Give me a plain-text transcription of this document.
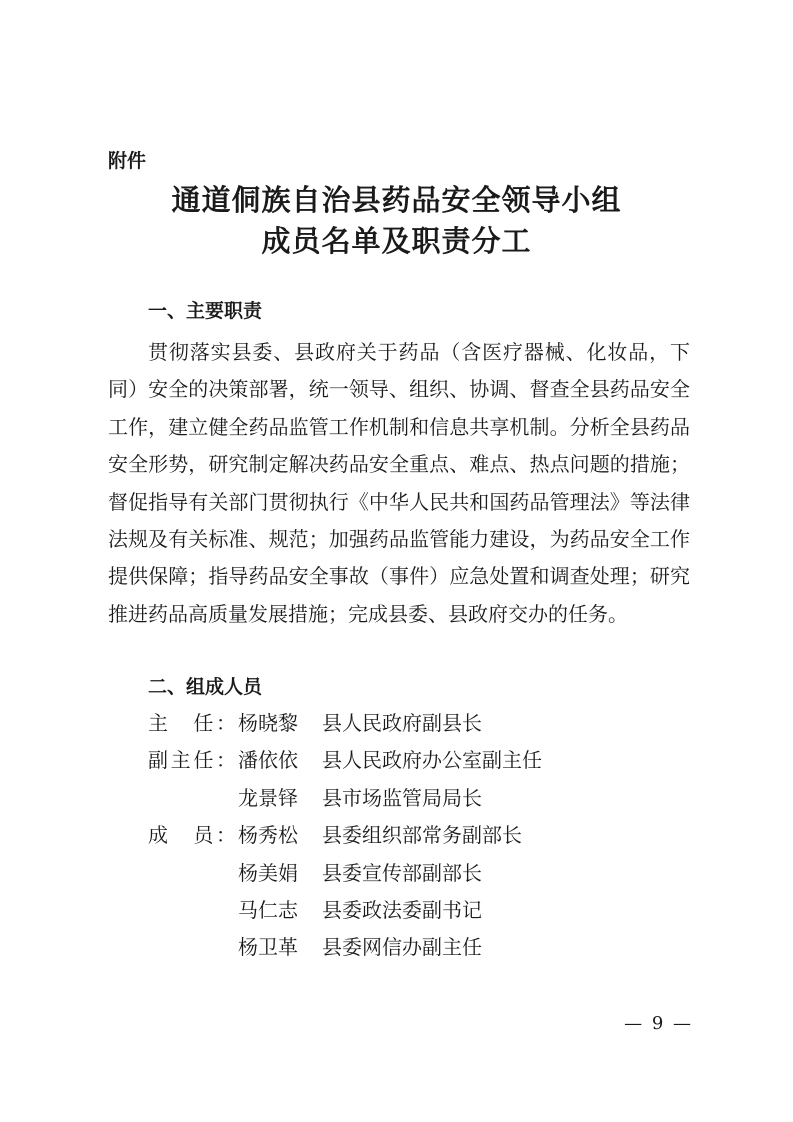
附件
通道侗族自治县药品安全领导小组
成员名单及职责分工
一、主要职责

贯彻落实县委、县政府关于药品（含医疗器械、化妆品，下同）安全的决策部署，统一领导、组织、协调、督查全县药品安全工作，建立健全药品监管工作机制和信息共享机制。分析全县药品安全形势，研究制定解决药品安全重点、难点、热点问题的措施；督促指导有关部门贯彻执行《中华人民共和国药品管理法》等法律法规及有关标准、规范；加强药品监管能力建设，为药品安全工作提供保障；指导药品安全事故（事件）应急处置和调查处理；研究推进药品高质量发展措施；完成县委、县政府交办的任务。

二、组成人员
主　任： 杨晓黎	县人民政府副县长
副主任： 潘依依	县人民政府办公室副主任
龙景铎	县市场监管局局长
成　员： 杨秀松	县委组织部常务副部长
杨美娟	县委宣传部副部长
马仁志	县委政法委副书记
杨卫革	县委网信办副主任
— 9 —
